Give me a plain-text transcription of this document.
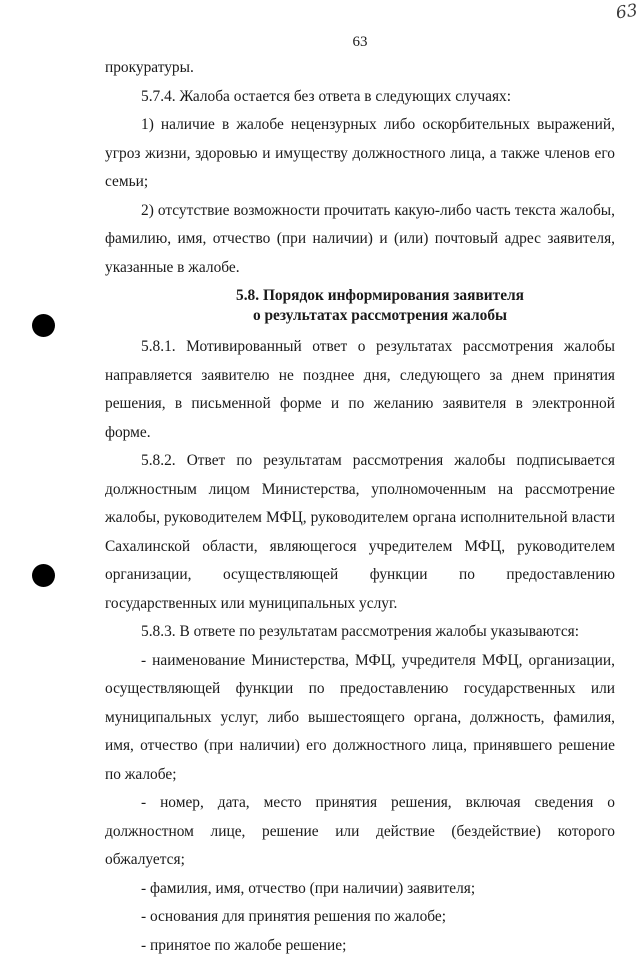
63
63

прокуратуры.

5.7.4. Жалоба остается без ответа в следующих случаях:

1) наличие в жалобе нецензурных либо оскорбительных выражений, угроз жизни, здоровью и имуществу должностного лица, а также членов его семьи;

2) отсутствие возможности прочитать какую-либо часть текста жалобы, фамилию, имя, отчество (при наличии) и (или) почтовый адрес заявителя, указанные в жалобе.

5.8. Порядок информирования заявителя
о результатах рассмотрения жалобы

5.8.1. Мотивированный ответ о результатах рассмотрения жалобы направляется заявителю не позднее дня, следующего за днем принятия решения, в письменной форме и по желанию заявителя в электронной форме.

5.8.2. Ответ по результатам рассмотрения жалобы подписывается должностным лицом Министерства, уполномоченным на рассмотрение жалобы, руководителем МФЦ, руководителем органа исполнительной власти Сахалинской области, являющегося учредителем МФЦ, руководителем организации, осуществляющей функции по предоставлению государственных или муниципальных услуг.

5.8.3. В ответе по результатам рассмотрения жалобы указываются:

- наименование Министерства, МФЦ, учредителя МФЦ, организации, осуществляющей функции по предоставлению государственных или муниципальных услуг, либо вышестоящего органа, должность, фамилия, имя, отчество (при наличии) его должностного лица, принявшего решение по жалобе;

- номер, дата, место принятия решения, включая сведения о должностном лице, решение или действие (бездействие) которого обжалуется;

- фамилия, имя, отчество (при наличии) заявителя;

- основания для принятия решения по жалобе;

- принятое по жалобе решение;
